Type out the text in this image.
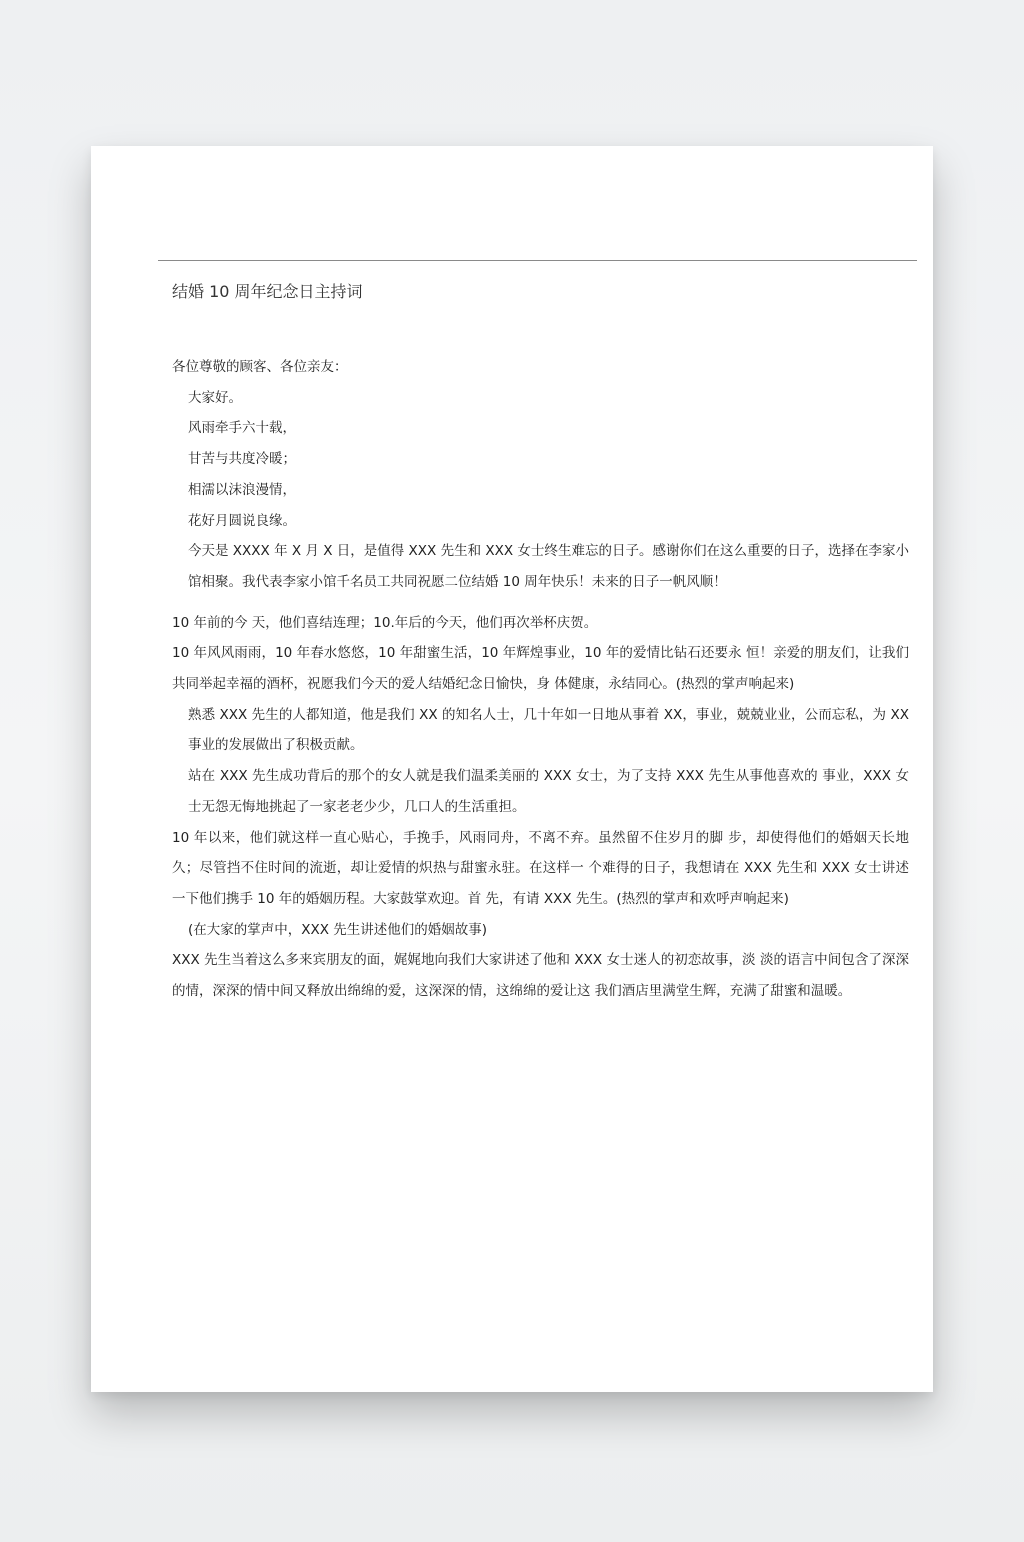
结婚 10 周年纪念日主持词

各位尊敬的顾客、各位亲友：

大家好。

风雨牵手六十载，

甘苦与共度冷暖；

相濡以沫浪漫情，

花好月圆说良缘。

今天是 XXXX 年 X 月 X 日，是值得 XXX 先生和 XXX 女士终生难忘的日子。感谢你们在这么重要的日子，选择在李家小馆相聚。我代表李家小馆千名员工共同祝愿二位结婚 10 周年快乐！未来的日子一帆风顺！

10 年前的今 天，他们喜结连理；10.年后的今天，他们再次举杯庆贺。

10 年风风雨雨，10 年春水悠悠，10 年甜蜜生活，10 年辉煌事业，10 年的爱情比钻石还要永 恒！亲爱的朋友们，让我们共同举起幸福的酒杯，祝愿我们今天的爱人结婚纪念日愉快，身 体健康，永结同心。(热烈的掌声响起来)

熟悉 XXX 先生的人都知道，他是我们 XX 的知名人士，几十年如一日地从事着 XX，事业，兢兢业业，公而忘私，为 XX 事业的发展做出了积极贡献。

站在 XXX 先生成功背后的那个的女人就是我们温柔美丽的 XXX 女士，为了支持 XXX 先生从事他喜欢的 事业，XXX 女士无怨无悔地挑起了一家老老少少，几口人的生活重担。

10 年以来，他们就这样一直心贴心，手挽手，风雨同舟，不离不弃。虽然留不住岁月的脚 步，却使得他们的婚姻天长地久；尽管挡不住时间的流逝，却让爱情的炽热与甜蜜永驻。在这样一 个难得的日子，我想请在 XXX 先生和 XXX 女士讲述一下他们携手 10 年的婚姻历程。大家鼓掌欢迎。首 先，有请 XXX 先生。(热烈的掌声和欢呼声响起来)

(在大家的掌声中，XXX 先生讲述他们的婚姻故事)

XXX 先生当着这么多来宾朋友的面，娓娓地向我们大家讲述了他和 XXX 女士迷人的初恋故事，淡 淡的语言中间包含了深深的情，深深的情中间又释放出绵绵的爱，这深深的情，这绵绵的爱让这 我们酒店里满堂生辉，充满了甜蜜和温暖。
